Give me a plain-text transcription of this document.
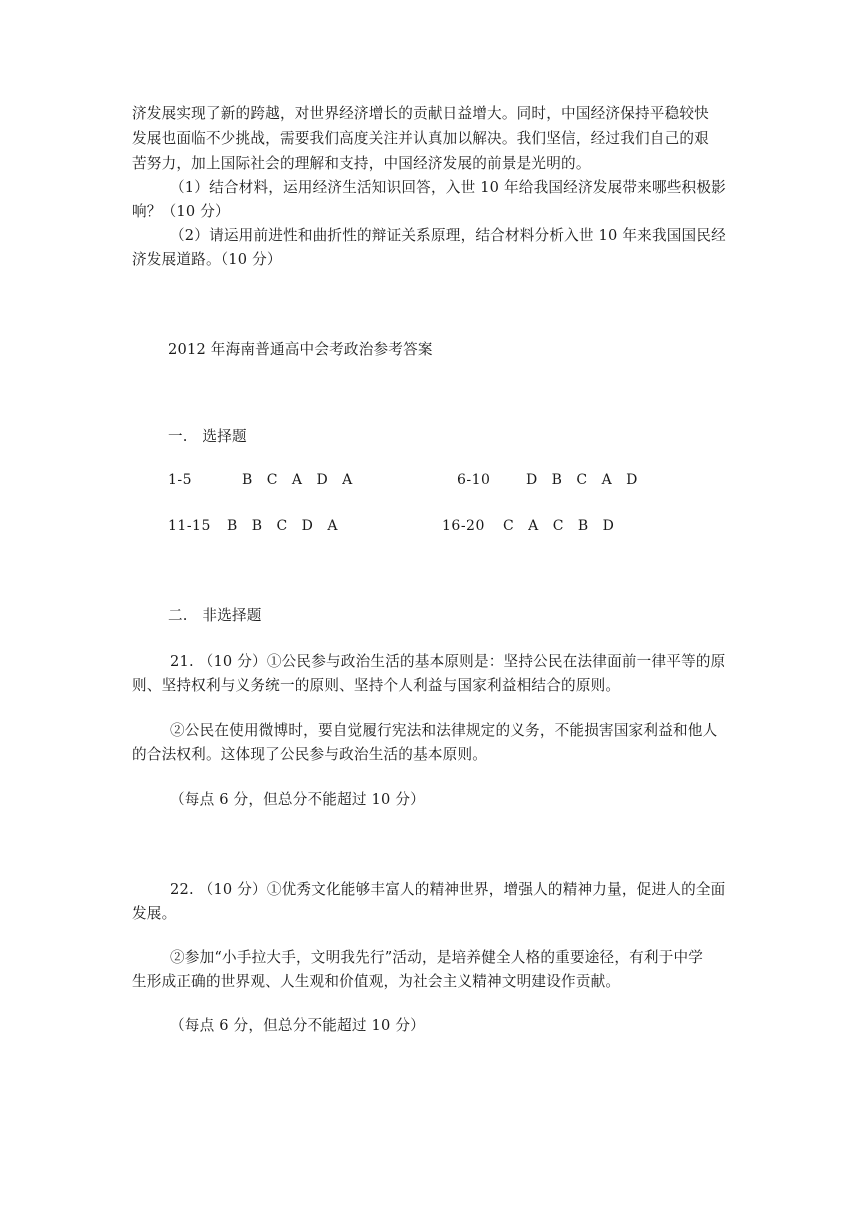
济发展实现了新的跨越，对世界经济增长的贡献日益增大。同时，中国经济保持平稳较快
发展也面临不少挑战，需要我们高度关注并认真加以解决。我们坚信，经过我们自己的艰
苦努力，加上国际社会的理解和支持，中国经济发展的前景是光明的。
（1）结合材料，运用经济生活知识回答，入世 10 年给我国经济发展带来哪些积极影
响？（10 分）
（2）请运用前进性和曲折性的辩证关系原理，结合材料分析入世 10 年来我国国民经
济发展道路。（10 分）
2012 年海南普通高中会考政治参考答案
一.　选择题
1-5	B C A D A	6-10	D B C A D
11-15 B B C D A	16-20 C A C B D
二.　非选择题
21. （10 分）①公民参与政治生活的基本原则是：坚持公民在法律面前一律平等的原
则、坚持权利与义务统一的原则、坚持个人利益与国家利益相结合的原则。
②公民在使用微博时，要自觉履行宪法和法律规定的义务，不能损害国家利益和他人
的合法权利。这体现了公民参与政治生活的基本原则。
（每点 6 分，但总分不能超过 10 分）
22. （10 分）①优秀文化能够丰富人的精神世界，增强人的精神力量，促进人的全面
发展。
②参加“小手拉大手，文明我先行”活动，是培养健全人格的重要途径，有利于中学
生形成正确的世界观、人生观和价值观，为社会主义精神文明建设作贡献。
（每点 6 分，但总分不能超过 10 分）
